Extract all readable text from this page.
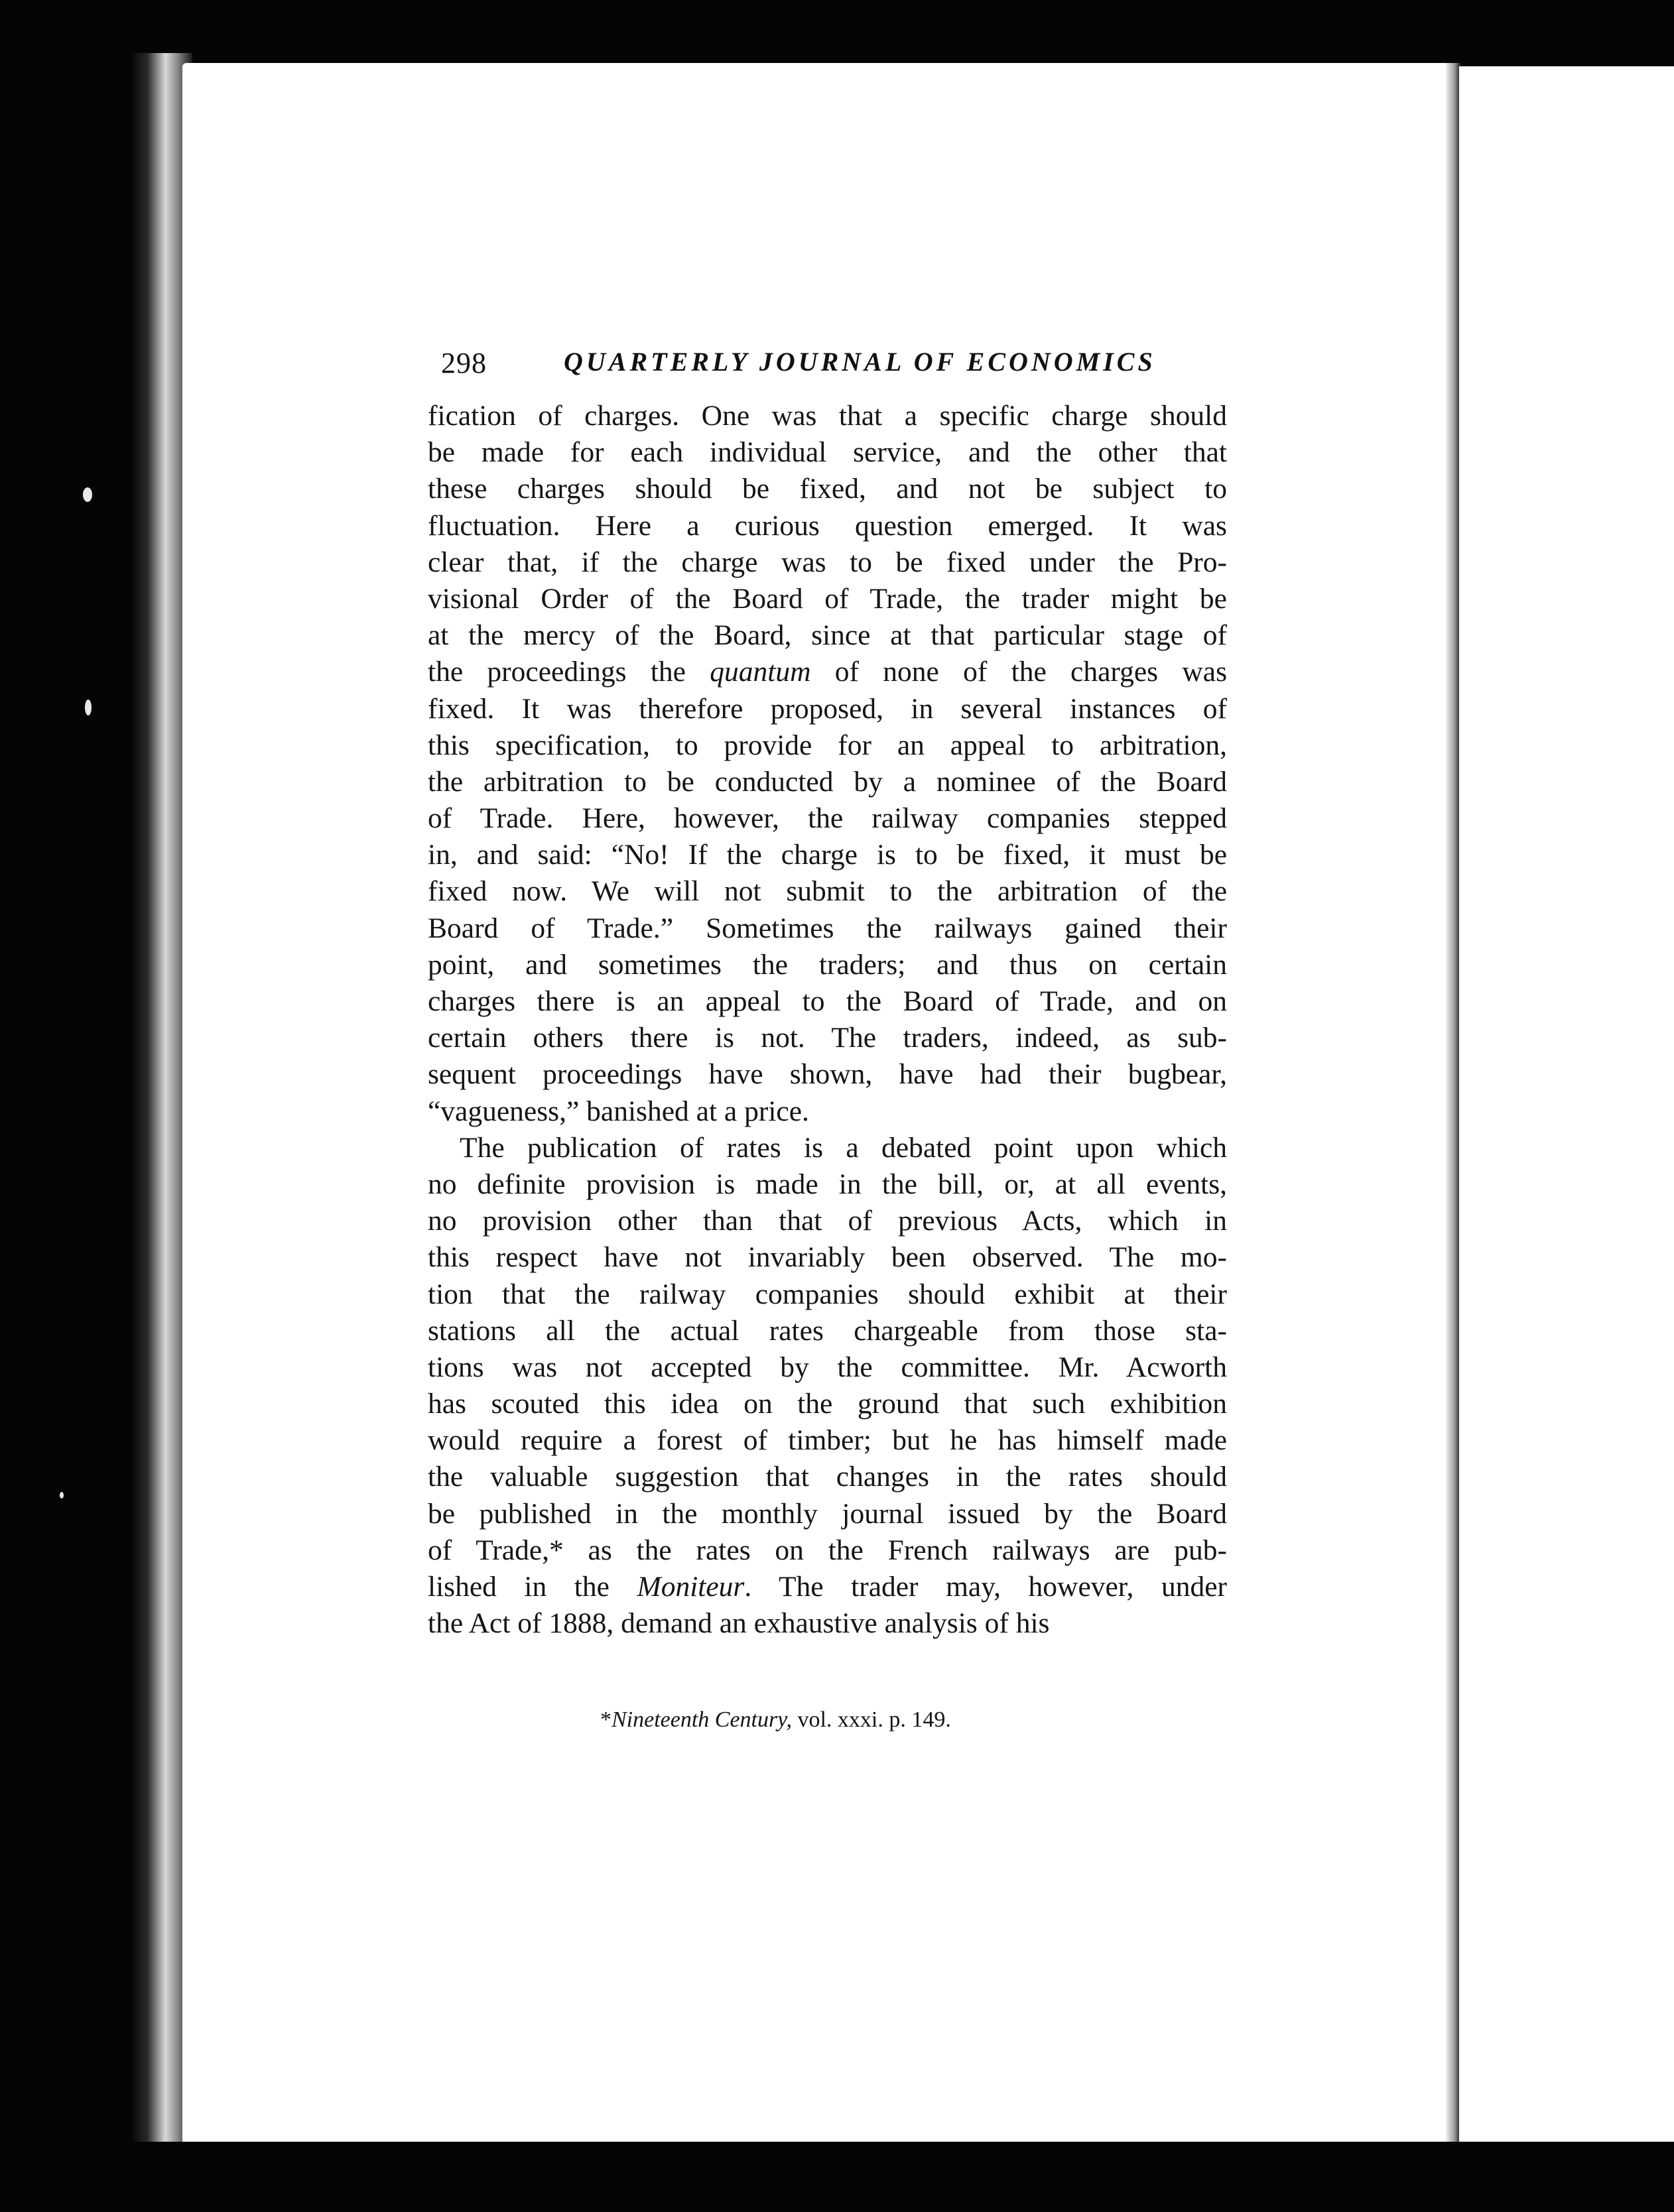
298	QUARTERLY JOURNAL OF ECONOMICS
fication of charges. One was that a specific charge should
be made for each individual service, and the other that
these charges should be fixed, and not be subject to
fluctuation. Here a curious question emerged. It was
clear that, if the charge was to be fixed under the Pro-
visional Order of the Board of Trade, the trader might be
at the mercy of the Board, since at that particular stage of
the proceedings the quantum of none of the charges was
fixed. It was therefore proposed, in several instances of
this specification, to provide for an appeal to arbitration,
the arbitration to be conducted by a nominee of the Board
of Trade. Here, however, the railway companies stepped
in, and said: “No! If the charge is to be fixed, it must be
fixed now. We will not submit to the arbitration of the
Board of Trade.” Sometimes the railways gained their
point, and sometimes the traders; and thus on certain
charges there is an appeal to the Board of Trade, and on
certain others there is not. The traders, indeed, as sub-
sequent proceedings have shown, have had their bugbear,
“vagueness,” banished at a price.
The publication of rates is a debated point upon which
no definite provision is made in the bill, or, at all events,
no provision other than that of previous Acts, which in
this respect have not invariably been observed. The mo-
tion that the railway companies should exhibit at their
stations all the actual rates chargeable from those sta-
tions was not accepted by the committee. Mr. Acworth
has scouted this idea on the ground that such exhibition
would require a forest of timber; but he has himself made
the valuable suggestion that changes in the rates should
be published in the monthly journal issued by the Board
of Trade,* as the rates on the French railways are pub-
lished in the Moniteur. The trader may, however, under
the Act of 1888, demand an exhaustive analysis of his
*Nineteenth Century, vol. xxxi. p. 149.
